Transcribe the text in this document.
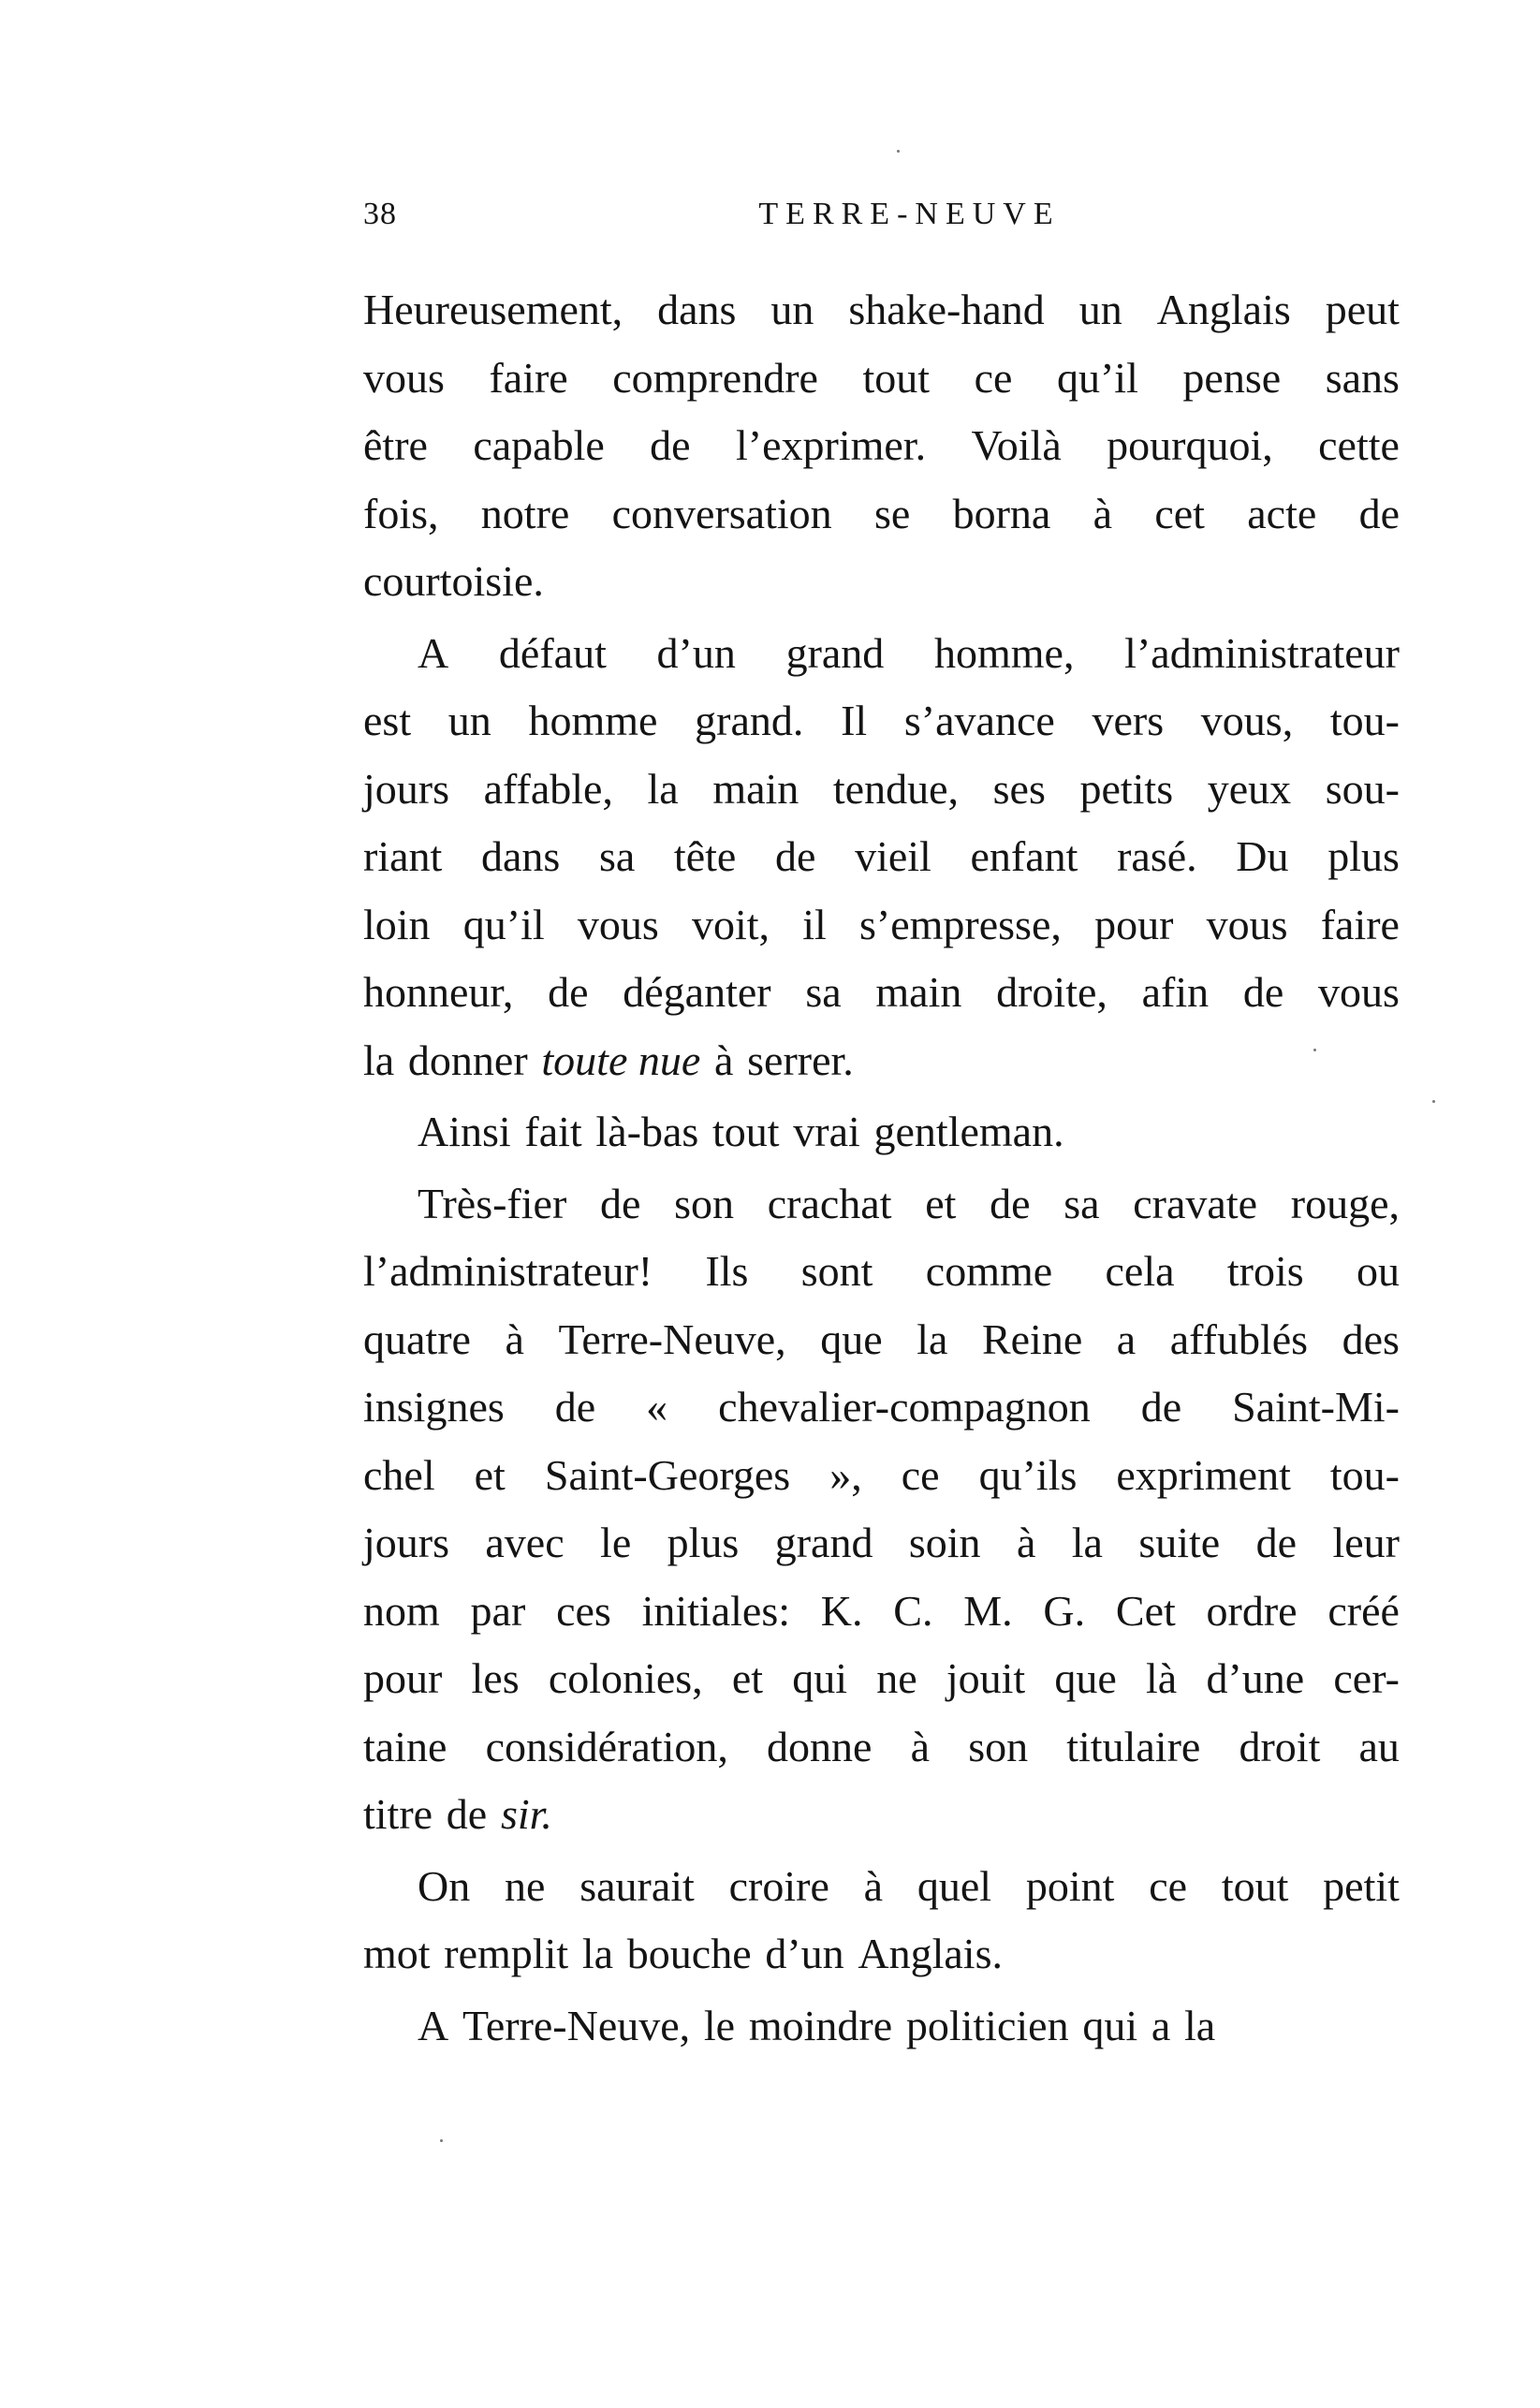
38	TERRE-NEUVE
Heureusement, dans un shake-hand un Anglais peut
vous faire comprendre tout ce qu’il pense sans
être capable de l’exprimer. Voilà pourquoi, cette
fois, notre conversation se borna à cet acte de
courtoisie.
A défaut d’un grand homme, l’administrateur
est un homme grand. Il s’avance vers vous, tou-
jours affable, la main tendue, ses petits yeux sou-
riant dans sa tête de vieil enfant rasé. Du plus
loin qu’il vous voit, il s’empresse, pour vous faire
honneur, de déganter sa main droite, afin de vous
la donner toute nue à serrer.
Ainsi fait là-bas tout vrai gentleman.
Très-fier de son crachat et de sa cravate rouge,
l’administrateur! Ils sont comme cela trois ou
quatre à Terre-Neuve, que la Reine a affublés des
insignes de « chevalier-compagnon de Saint-Mi-
chel et Saint-Georges », ce qu’ils expriment tou-
jours avec le plus grand soin à la suite de leur
nom par ces initiales: K. C. M. G. Cet ordre créé
pour les colonies, et qui ne jouit que là d’une cer-
taine considération, donne à son titulaire droit au
titre de sir.
On ne saurait croire à quel point ce tout petit
mot remplit la bouche d’un Anglais.
A Terre-Neuve, le moindre politicien qui a la
